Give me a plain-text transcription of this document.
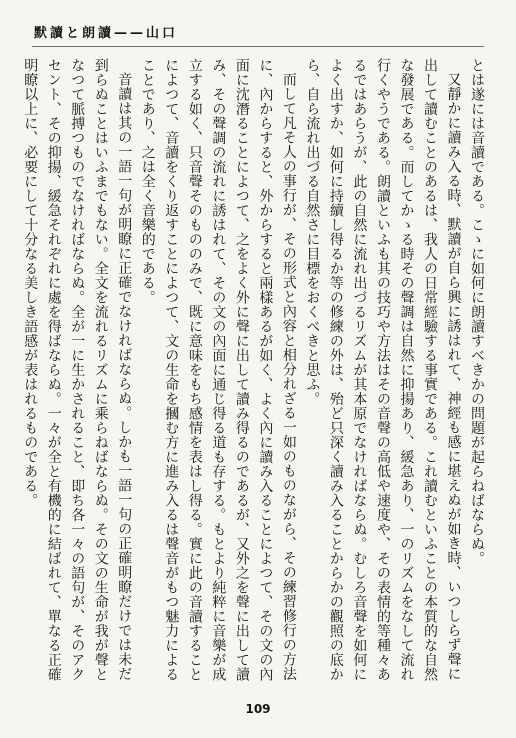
默讀と朗讀——山口

とは遂には音讀である。こゝに如何に朗讀すべきかの問題が起らねばならぬ。

又靜かに讀み入る時、默讀が自ら興に誘はれて、神經も感に堪えぬが如き時、いつしらず聲に出して讀むことのあるは、我人の日常經驗する事實である。これ讀むといふことの本質的な自然な發展である。而してかゝる時その聲調は自然に抑揚あり、緩急あり、一のリズムをなして流れ行くやうである。朗讀といふも其の技巧や方法はその音聲の高低や速度や、その表情的等種々あるではあらうが、此の自然に流れ出づるリズムが其本原でなければならぬ。むしろ音聲を如何によく出すか、如何に持續し得るか等の修練の外は、殆ど只深く讀み入ることからかの觀照の底から、自ら流れ出づる自然さに目標をおくべきと思ふ。

而して凡そ人の事行が、その形式と內容と相分れざる一如のものながら、その練習修行の方法に、內からすると、外からすると兩樣あるが如く、よく內に讀み入ることによつて、その文の內面に沈潛ることによつて、之をよく外に聲に出して讀み得るのであるが、又外之を聲に出して讀み、その聲調の流れに誘はれて、その文の內面に通じ得る道も存する。もとより純粹に音樂が成立する如く、只音聲そのもののみで、既に意味をもち感情を表はし得る。實に此の音讀することによつて、音讀をくり返すことによつて、文の生命を摑む方に進み入るは聲音がもつ魅力によることであり、之は全く音樂的である。

音讀は其の一語一句が明瞭に正確でなければならぬ。しかも一語一句の正確明瞭だけでは未だ到らぬことはいふまでもない。全文を流れるリズムに乘らねばならぬ。その文の生命が我が聲となつて脈搏つものでなければならぬ。全が一に生かされること、即ち各一々の語句が、そのアクセント、その抑揚、緩急それぞれに處を得ばならぬ。一々が全と有機的に結ばれて、單なる正確明瞭以上に、必要にして十分なる美しき語感が表はれるものである。

109
